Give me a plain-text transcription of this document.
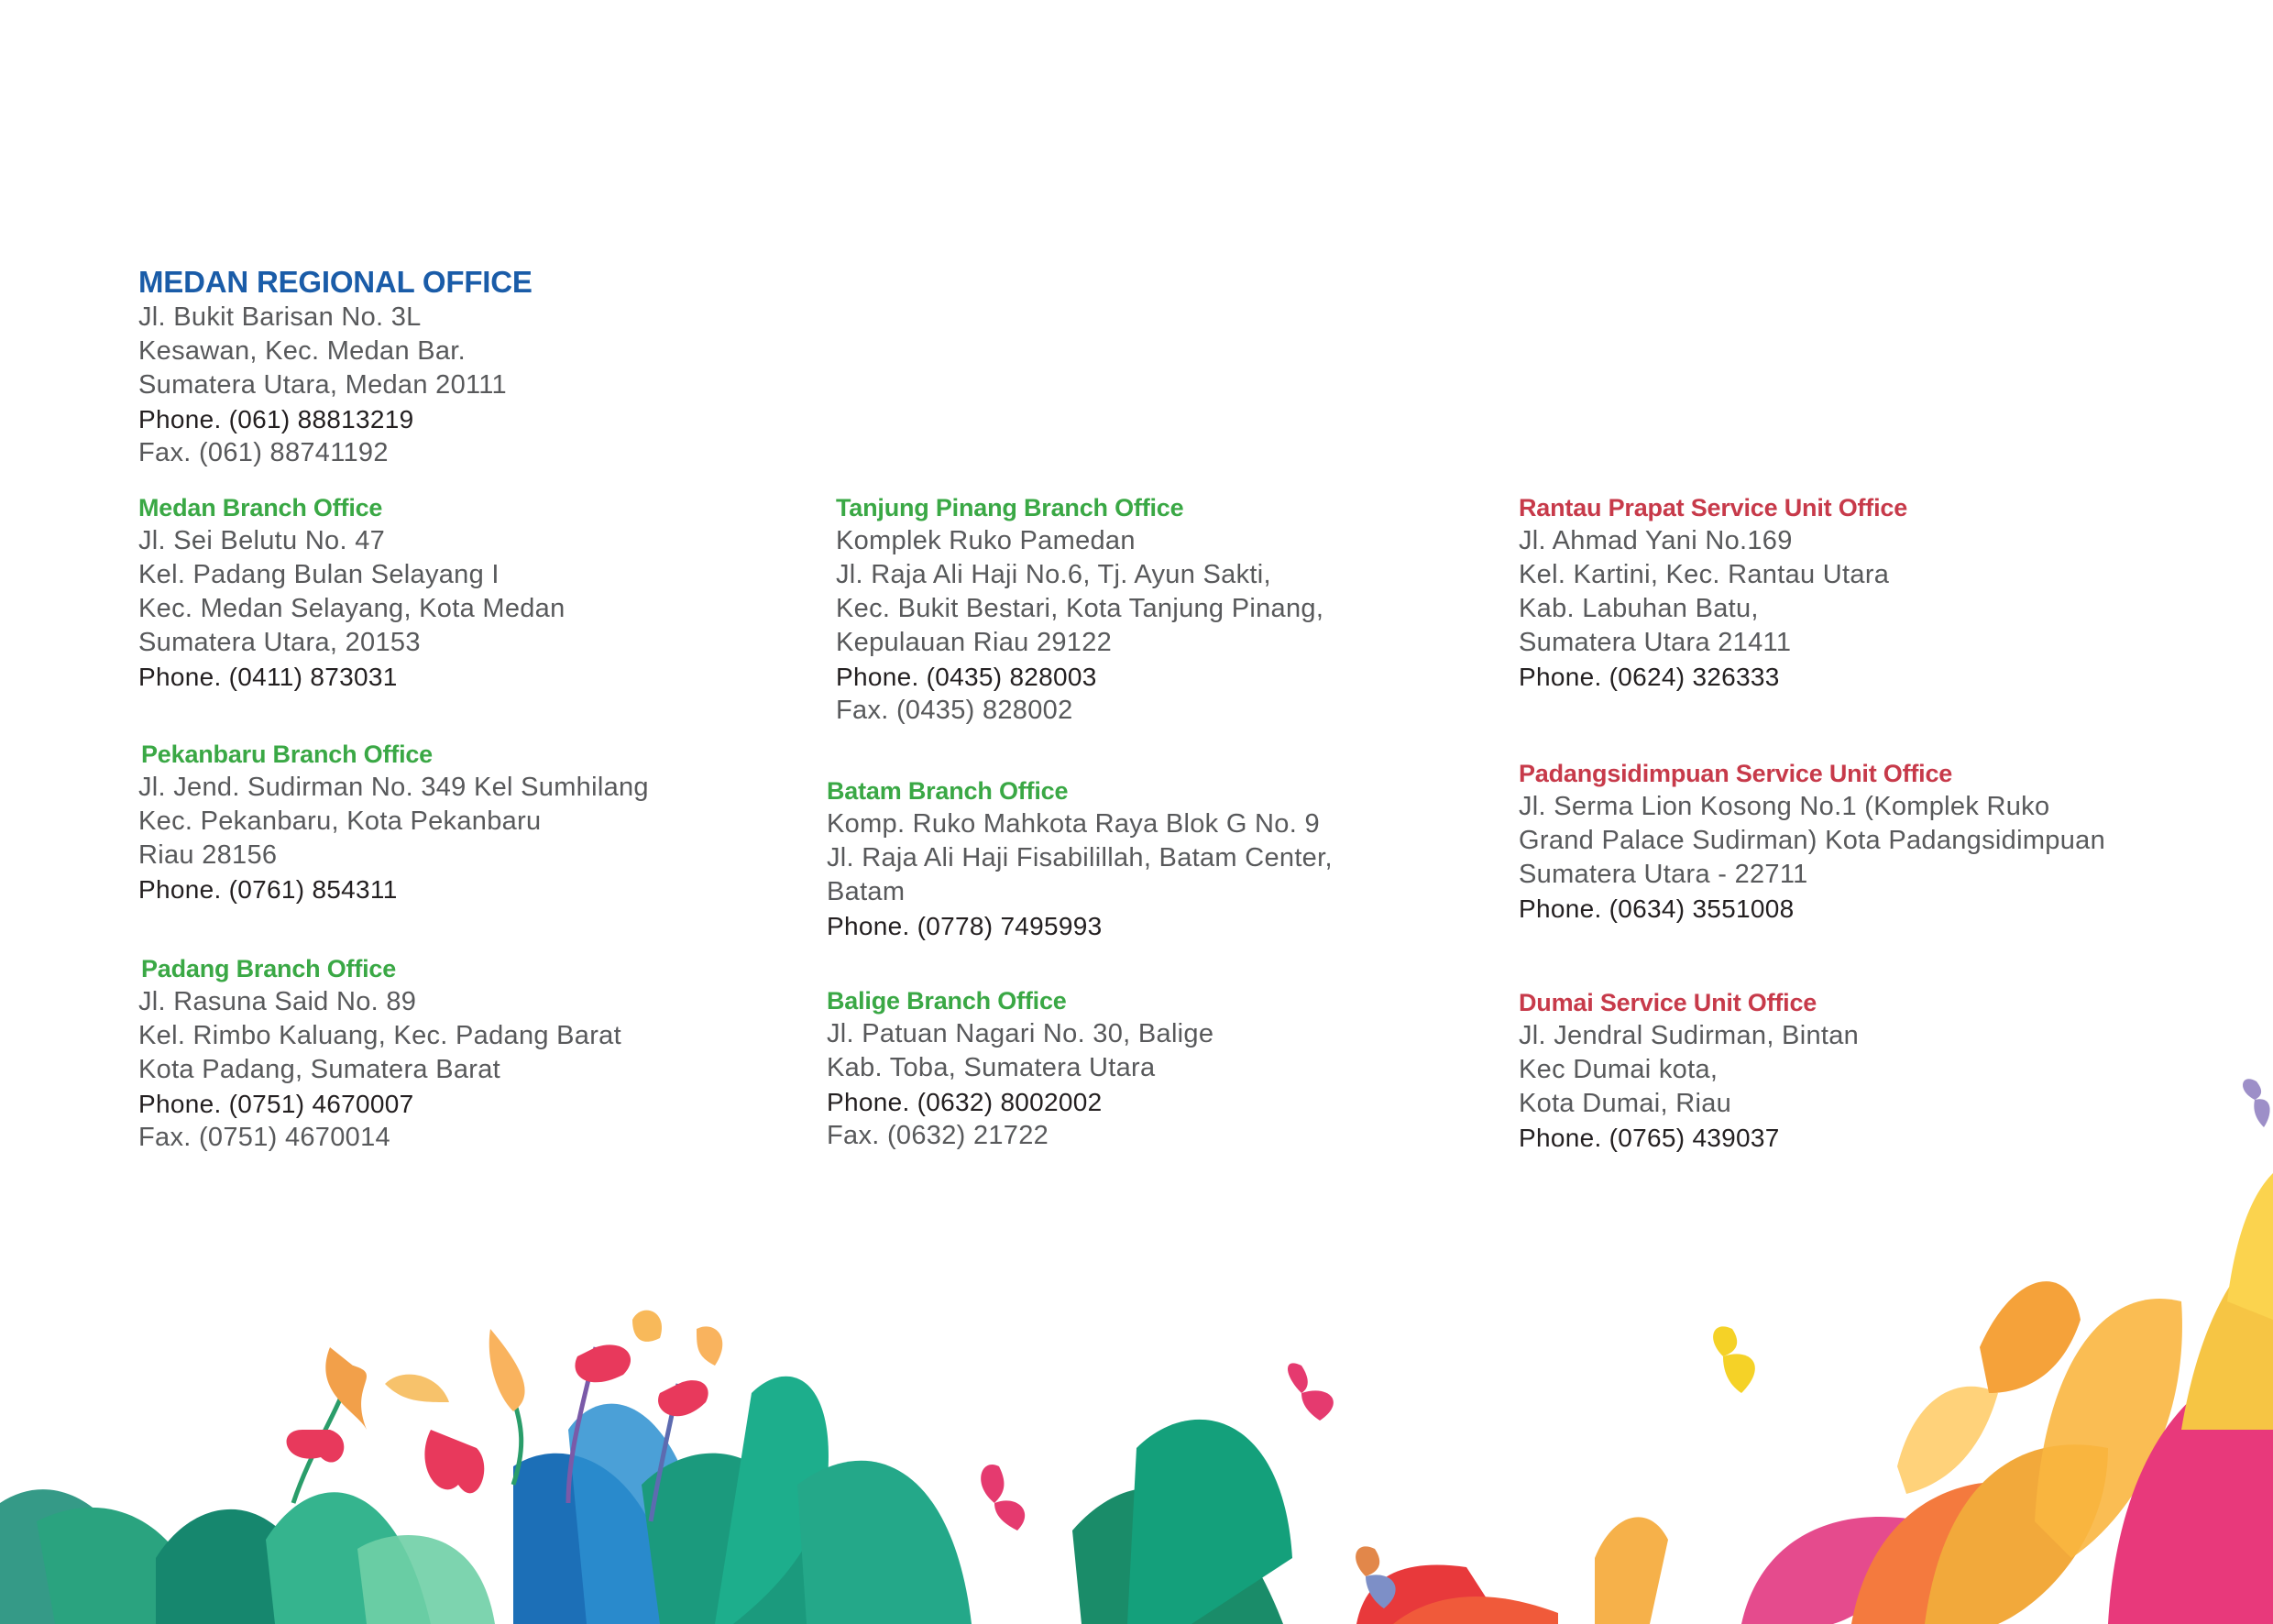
MEDAN REGIONAL OFFICE
Jl. Bukit Barisan No. 3L
Kesawan, Kec. Medan Bar.
Sumatera Utara, Medan 20111
Phone. (061) 88813219
Fax. (061) 88741192
Medan Branch Office
Jl. Sei Belutu No. 47
Kel. Padang Bulan Selayang I
Kec. Medan Selayang, Kota Medan
Sumatera Utara, 20153
Phone. (0411) 873031
Pekanbaru Branch Office
Jl. Jend. Sudirman No. 349 Kel Sumhilang
Kec. Pekanbaru, Kota Pekanbaru
Riau 28156
Phone. (0761) 854311
Padang Branch Office
Jl. Rasuna Said No. 89
Kel. Rimbo Kaluang, Kec. Padang Barat
Kota Padang, Sumatera Barat
Phone. (0751) 4670007
Fax. (0751) 4670014
Tanjung Pinang Branch Office
Komplek Ruko Pamedan
Jl. Raja Ali Haji No.6, Tj. Ayun Sakti,
Kec. Bukit Bestari, Kota Tanjung Pinang,
Kepulauan Riau 29122
Phone. (0435) 828003
Fax. (0435) 828002
Batam Branch Office
Komp. Ruko Mahkota Raya Blok G No. 9
Jl. Raja Ali Haji Fisabilillah, Batam Center,
Batam
Phone. (0778) 7495993
Balige Branch Office
Jl. Patuan Nagari No. 30, Balige
Kab. Toba, Sumatera Utara
Phone. (0632) 8002002
Fax. (0632) 21722
Rantau Prapat Service Unit Office
Jl. Ahmad Yani No.169
Kel. Kartini, Kec. Rantau Utara
Kab. Labuhan Batu,
Sumatera Utara 21411
Phone. (0624) 326333
Padangsidimpuan Service Unit Office
Jl. Serma Lion Kosong No.1 (Komplek Ruko
Grand Palace Sudirman) Kota Padangsidimpuan
Sumatera Utara - 22711
Phone. (0634) 3551008
Dumai Service Unit Office
Jl. Jendral Sudirman, Bintan
Kec Dumai kota,
Kota Dumai, Riau
Phone. (0765) 439037
